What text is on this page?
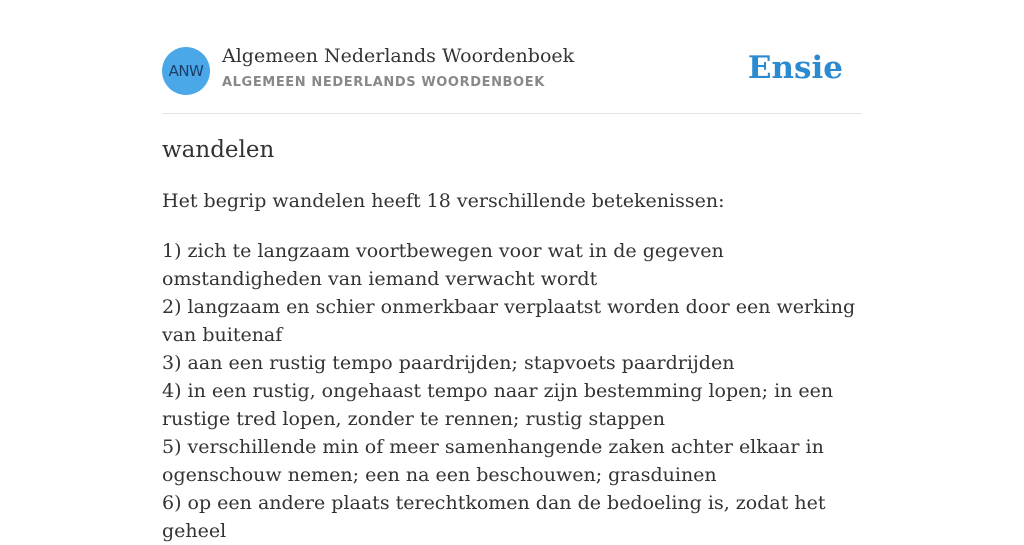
ANW
Algemeen Nederlands Woordenboek
ALGEMEEN NEDERLANDS WOORDENBOEK	Ensie
wandelen

Het begrip wandelen heeft 18 verschillende betekenissen:

1) zich te langzaam voortbewegen voor wat in de gegeven omstandigheden van iemand verwacht wordt
2) langzaam en schier onmerkbaar verplaatst worden door een werking van buitenaf
3) aan een rustig tempo paardrijden; stapvoets paardrijden
4) in een rustig, ongehaast tempo naar zijn bestemming lopen; in een rustige tred lopen, zonder te rennen; rustig stappen
5) verschillende min of meer samenhangende zaken achter elkaar in ogenschouw nemen; een na een beschouwen; grasduinen
6) op een andere plaats terechtkomen dan de bedoeling is, zodat het geheel
